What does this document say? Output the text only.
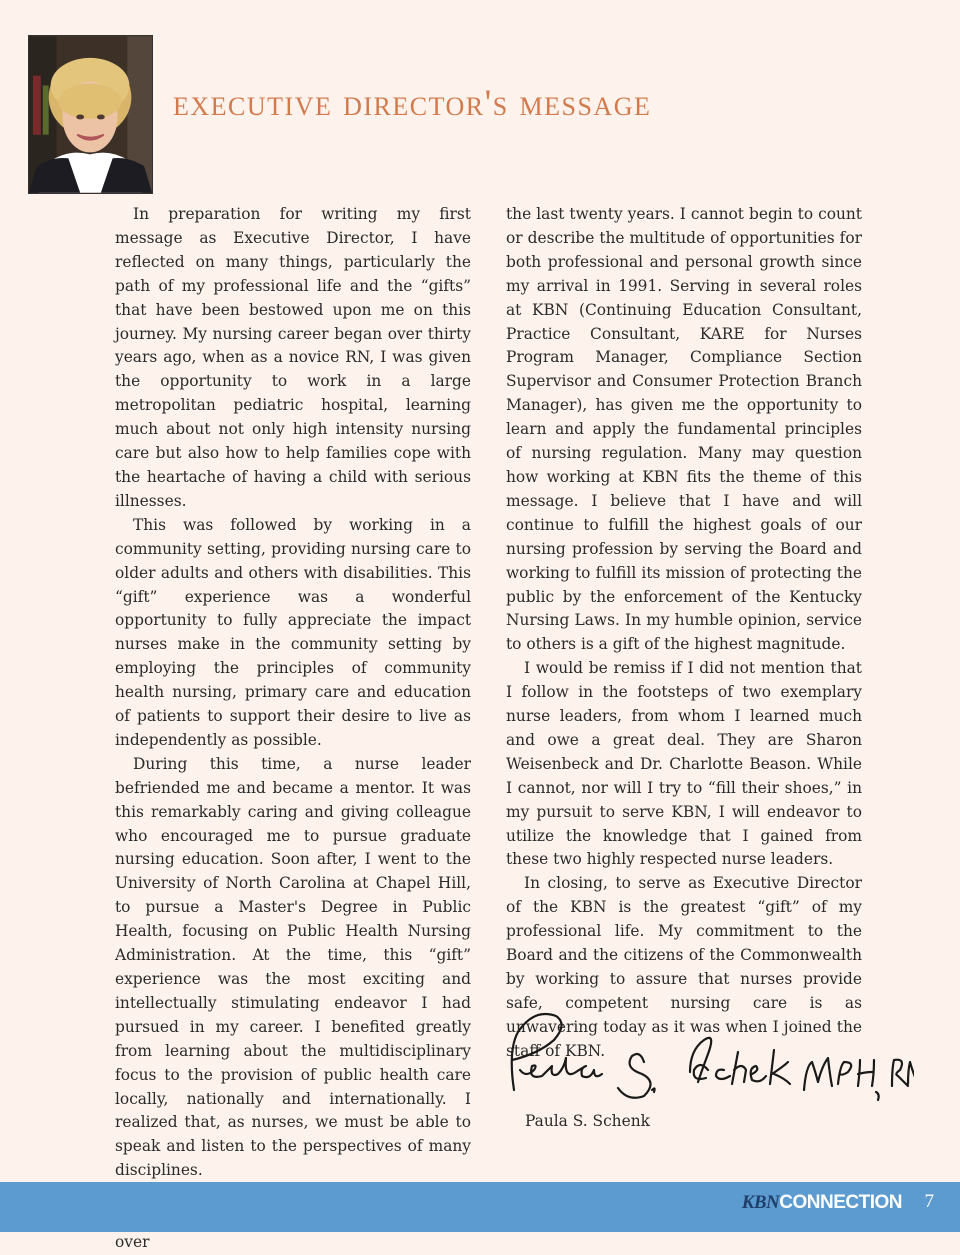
executive director's message

In preparation for writing my first message as Executive Director, I have reflected on many things, particularly the path of my professional life and the “gifts” that have been bestowed upon me on this journey. My nursing career began over thirty years ago, when as a novice RN, I was given the opportunity to work in a large metropolitan pediatric hospital, learning much about not only high intensity nursing care but also how to help families cope with the heartache of having a child with serious illnesses.

This was followed by working in a community setting, providing nursing care to older adults and others with disabilities. This “gift” experience was a wonderful opportunity to fully appreciate the impact nurses make in the community setting by employing the principles of community health nursing, primary care and education of patients to support their desire to live as independently as possible.

During this time, a nurse leader befriended me and became a mentor. It was this remarkably caring and giving colleague who encouraged me to pursue graduate nursing education. Soon after, I went to the University of North Carolina at Chapel Hill, to pursue a Master's Degree in Public Health, focusing on Public Health Nursing Administration. At the time, this “gift” experience was the most exciting and intellectually stimulating endeavor I had pursued in my career. I benefited greatly from learning about the multidisciplinary focus to the provision of public health care locally, nationally and internationally. I realized that, as nurses, we must be able to speak and listen to the perspectives of many disciplines.

over

the last twenty years. I cannot begin to count or describe the multitude of opportunities for both professional and personal growth since my arrival in 1991. Serving in several roles at KBN (Continuing Education Consultant, Practice Consultant, KARE for Nurses Program Manager, Compliance Section Supervisor and Consumer Protection Branch Manager), has given me the opportunity to learn and apply the fundamental principles of nursing regulation. Many may question how working at KBN fits the theme of this message. I believe that I have and will continue to fulfill the highest goals of our nursing profession by serving the Board and working to fulfill its mission of protecting the public by the enforcement of the Kentucky Nursing Laws. In my humble opinion, service to others is a gift of the highest magnitude.

I would be remiss if I did not mention that I follow in the footsteps of two exemplary nurse leaders, from whom I learned much and owe a great deal. They are Sharon Weisenbeck and Dr. Charlotte Beason. While I cannot, nor will I try to “fill their shoes,” in my pursuit to serve KBN, I will endeavor to utilize the knowledge that I gained from these two highly respected nurse leaders.

In closing, to serve as Executive Director of the KBN is the greatest “gift” of my professional life. My commitment to the Board and the citizens of the Commonwealth by working to assure that nurses provide safe, competent nursing care is as unwavering today as it was when I joined the staff of KBN.

Paula S. Schenk
KBNCONNECTION 7
